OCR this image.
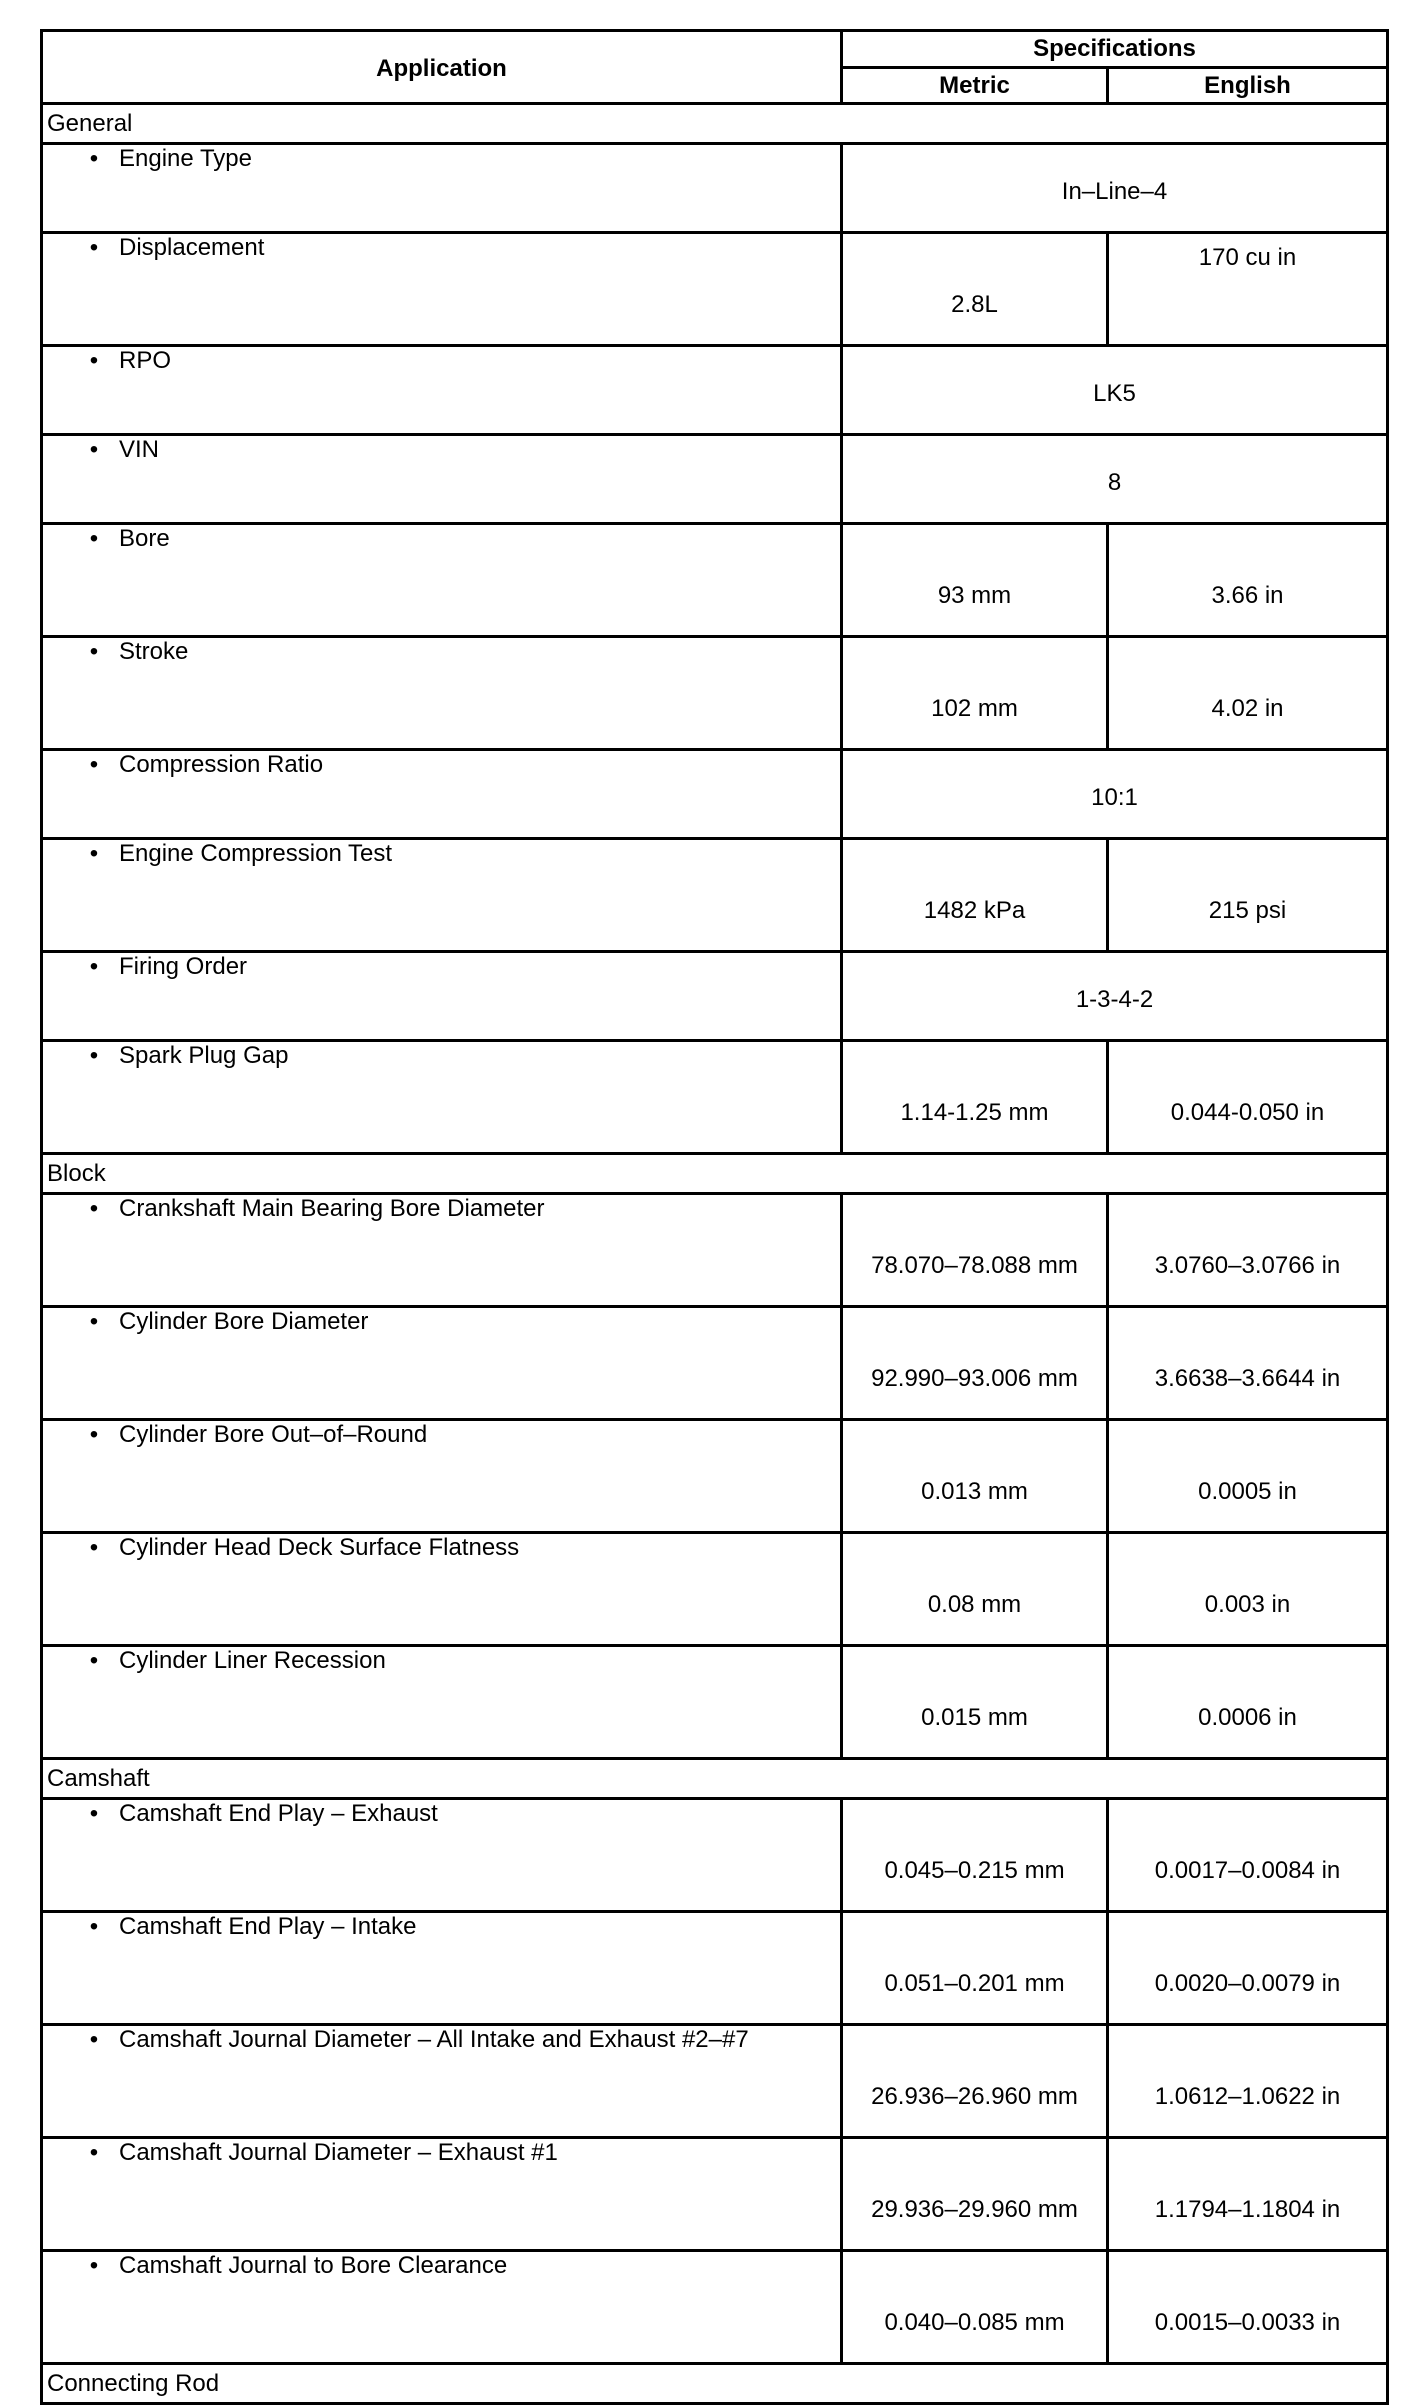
Application	Specifications	
	Metric	English
General		
• Engine Type	In–Line–4	
• Displacement	2.8L	170 cu in
• RPO	LK5	
• VIN	8	
• Bore	93 mm	3.66 in
• Stroke	102 mm	4.02 in
• Compression Ratio	10:1	
• Engine Compression Test	1482 kPa	215 psi
• Firing Order	1-3-4-2	
• Spark Plug Gap	1.14-1.25 mm	0.044-0.050 in
Block		
• Crankshaft Main Bearing Bore Diameter	78.070–78.088 mm	3.0760–3.0766 in
• Cylinder Bore Diameter	92.990–93.006 mm	3.6638–3.6644 in
• Cylinder Bore Out–of–Round	0.013 mm	0.0005 in
• Cylinder Head Deck Surface Flatness	0.08 mm	0.003 in
• Cylinder Liner Recession	0.015 mm	0.0006 in
Camshaft		
• Camshaft End Play – Exhaust	0.045–0.215 mm	0.0017–0.0084 in
• Camshaft End Play – Intake	0.051–0.201 mm	0.0020–0.0079 in
• Camshaft Journal Diameter – All Intake and Exhaust #2–#7	26.936–26.960 mm	1.0612–1.0622 in
• Camshaft Journal Diameter – Exhaust #1	29.936–29.960 mm	1.1794–1.1804 in
• Camshaft Journal to Bore Clearance	0.040–0.085 mm	0.0015–0.0033 in
Connecting Rod		
